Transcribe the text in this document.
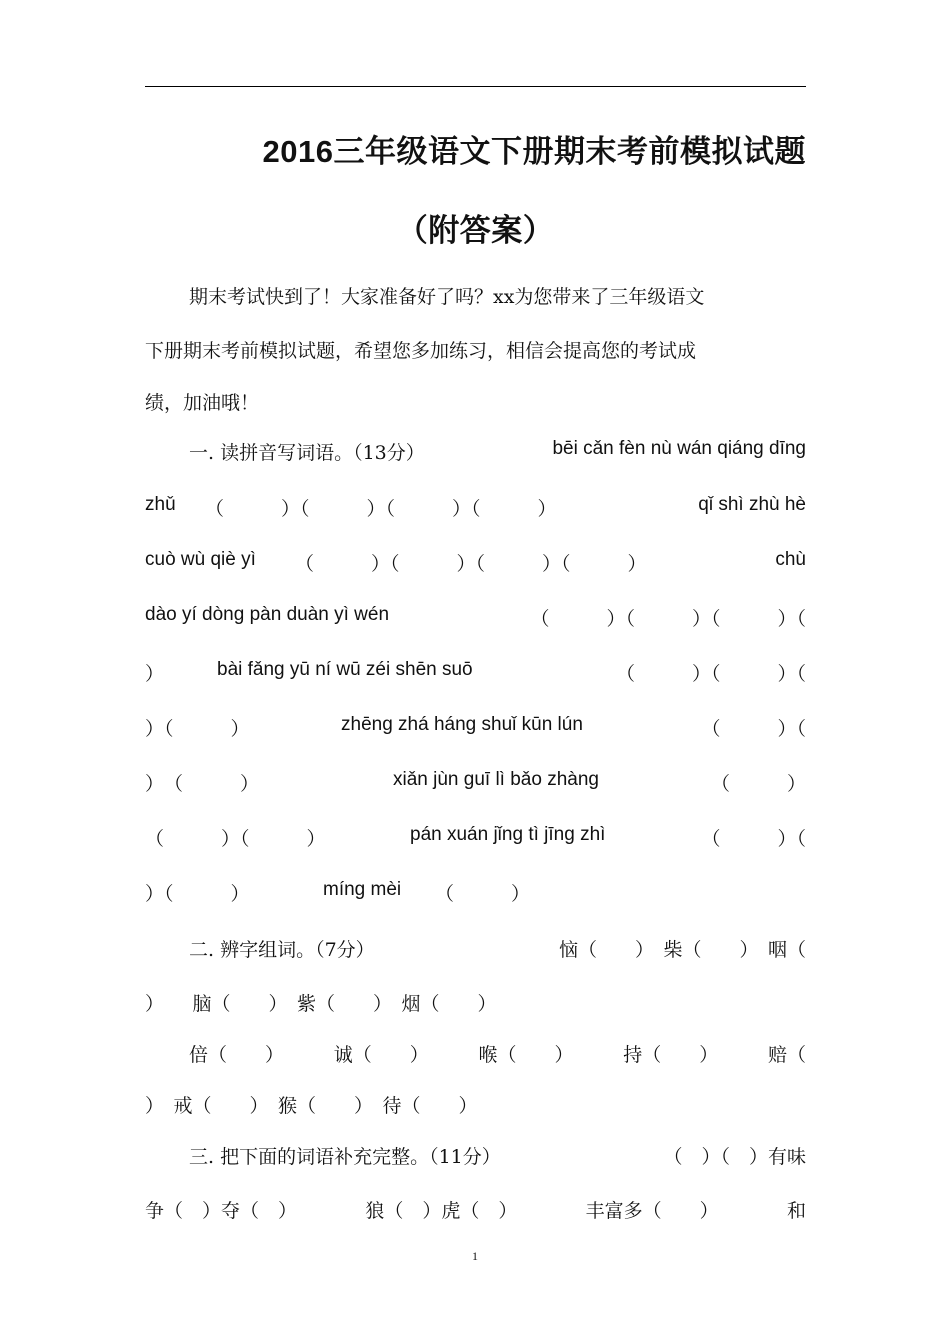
2016三年级语文下册期末考前模拟试题
（附答案）
期末考试快到了！大家准备好了吗？xx为您带来了三年级语文
下册期末考前模拟试题，希望您多加练习，相信会提高您的考试成
绩，加油哦！
一. 读拼音写词语。（13分）	bēi cǎn fèn nù wán qiáng dīng
zhǔ （　　　）（　　　）（　　　）（　　　）	qǐ shì zhù hè
cuò wù qiè yì （　　　）（　　　）（　　　）（　　　）	chù
dào yí dòng pàn duàn yì wén	（　　　）（　　　）（　　　）（
）	bài fǎng yū ní wū zéi shēn suō	（　　　）（　　　）（
）（　　　）	zhēng zhá háng shuǐ kūn lún	（　　　）（
）　（　　　）	xiǎn jùn guī lì bǎo zhàng	（　　　）
（　　　）（　　　）	pán xuán jǐng tì jīng zhì	（　　　）（
）（　　　）	míng mèi （　　　）
二. 辨字组词。（7分）	恼（　　）　柴（　　）　咽（
）　　脑（　　）　紫（　　）　烟（　　）
倍（　　）	诚（　　）	喉（　　）	持（　　）	赔（
）　戒（　　）　猴（　　）　待（　　）
三. 把下面的词语补充完整。（11分）	（　）（　）有味
争（　）夺（　）	狼（　）虎（　）	丰富多（　　）	和
1
